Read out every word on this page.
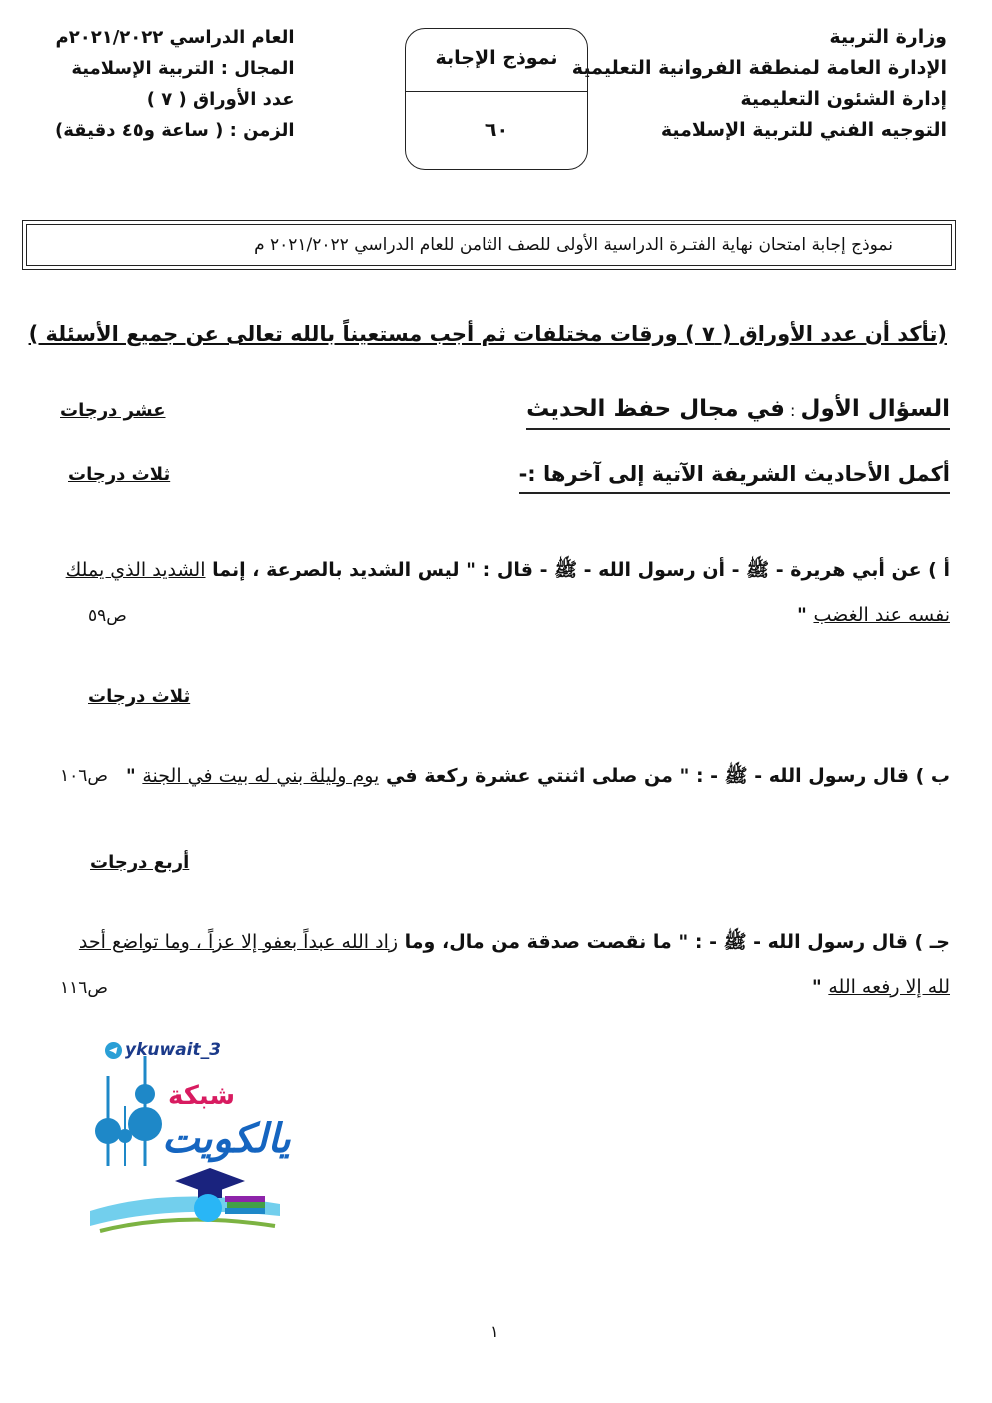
وزارة التربية
الإدارة العامة لمنطقة الفروانية التعليمية
إدارة الشئون التعليمية
التوجيه الفني للتربية الإسلامية
نموذج الإجابة
٦٠
العام الدراسي ٢٠٢١/٢٠٢٢م
المجال : التربية الإسلامية
عدد الأوراق ( ٧ )
الزمن : ( ساعة و٤٥ دقيقة)
نموذج إجابة امتحان نهاية الفتـرة الدراسية الأولى للصف الثامن للعام الدراسي ٢٠٢١/٢٠٢٢ م
(تأكد أن عدد الأوراق ( ٧ ) ورقات مختلفات ثم أجب مستعيناً بالله تعالى عن جميع الأسئلة )
السؤال الأول : في مجال حفظ الحديث
عشر درجات
أكمل الأحاديث الشريفة الآتية إلى آخرها :-
ثلاث درجات
أ ) عن أبي هريرة - ﷺ - أن رسول الله - ﷺ - قال : " ليس الشديد بالصرعة ، إنما الشديد الذي يملك
نفسه عند الغضب "
ص٥٩
ثلاث درجات
ب ) قال رسول الله - ﷺ - : " من صلى اثنتي عشرة ركعة في يوم وليلة بني له بيت في الجنة "
ص١٠٦
أربع درجات
جـ ) قال رسول الله - ﷺ - : " ما نقصت صدقة من مال، وما زاد الله عبداً بعفو إلا عزاً ، وما تواضع أحد
لله إلا رفعه الله "
ص١١٦
ykuwait_3
شبكة
يالكويت
١
